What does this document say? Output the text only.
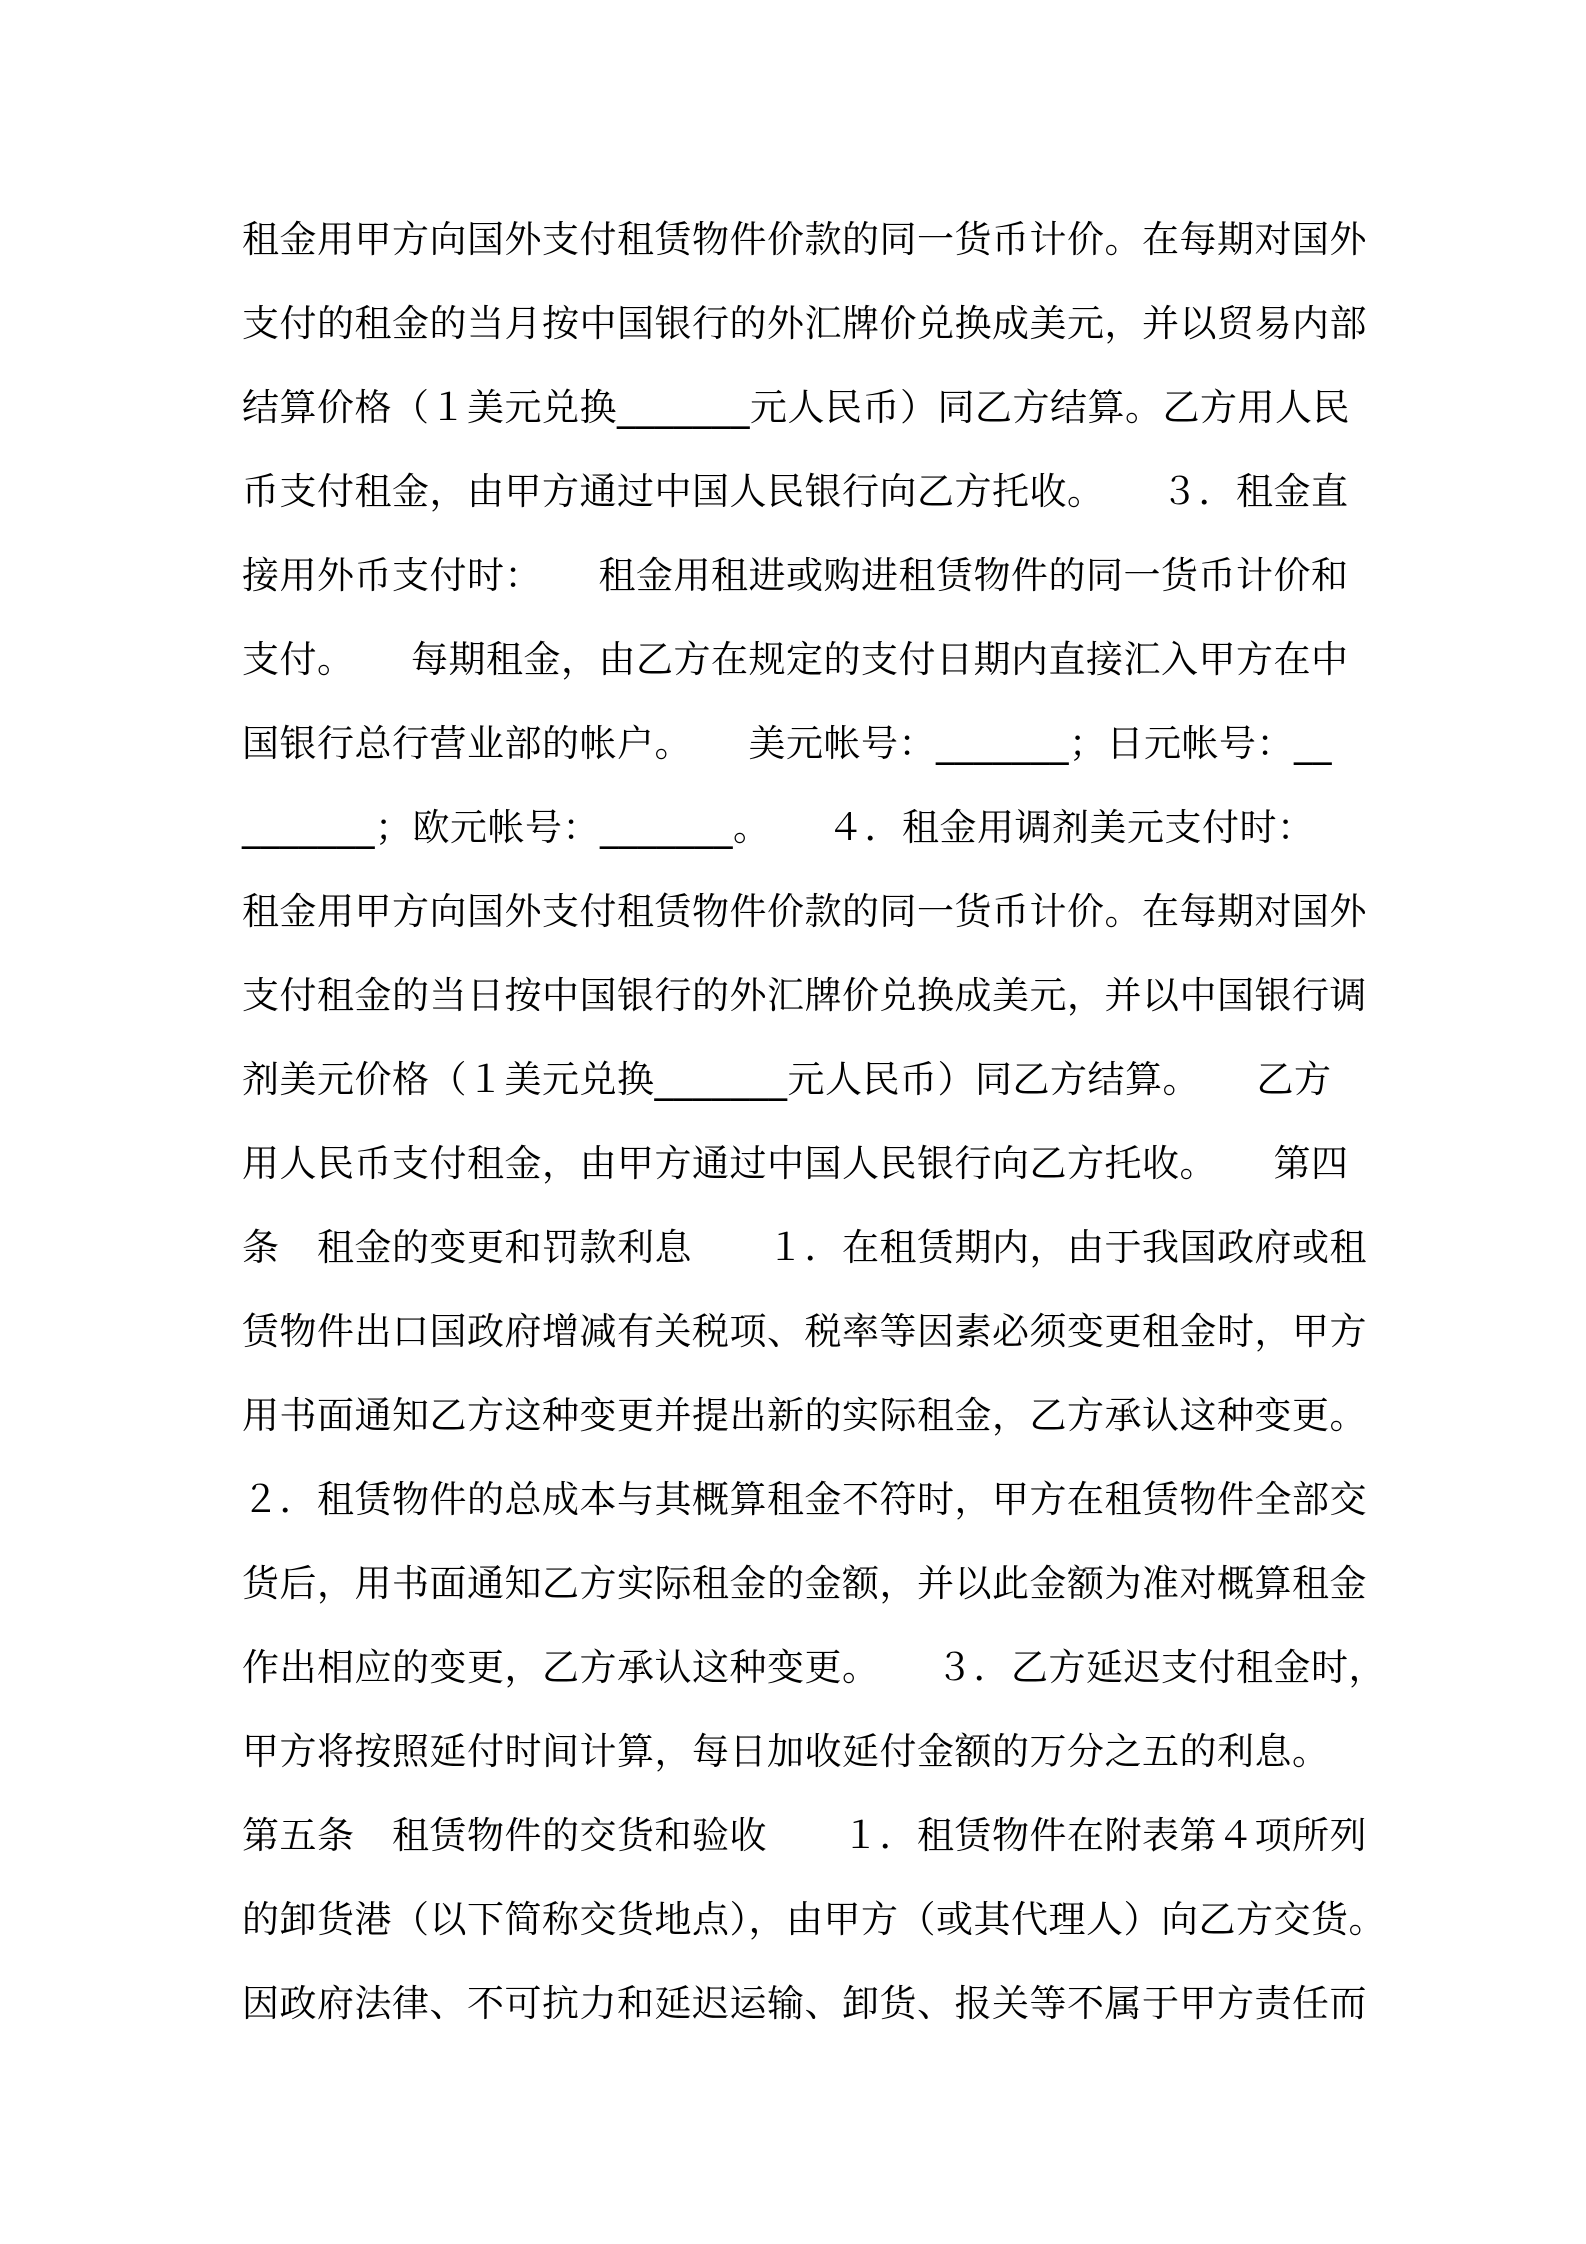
租金用甲方向国外支付租赁物件价款的同一货币计价。在每期对国外
支付的租金的当月按中国银行的外汇牌价兑换成美元，并以贸易内部
结算价格（１美元兑换_______元人民币）同乙方结算。乙方用人民
币支付租金，由甲方通过中国人民银行向乙方托收。　　３．租金直
接用外币支付时：　　租金用租进或购进租赁物件的同一货币计价和
支付。　　每期租金，由乙方在规定的支付日期内直接汇入甲方在中
国银行总行营业部的帐户。　　美元帐号：_______；日元帐号：__
_______；欧元帐号：_______。　　４．租金用调剂美元支付时：
租金用甲方向国外支付租赁物件价款的同一货币计价。在每期对国外
支付租金的当日按中国银行的外汇牌价兑换成美元，并以中国银行调
剂美元价格（１美元兑换_______元人民币）同乙方结算。　　乙方
用人民币支付租金，由甲方通过中国人民银行向乙方托收。　　第四
条　租金的变更和罚款利息　　１．在租赁期内，由于我国政府或租
赁物件出口国政府增减有关税项、税率等因素必须变更租金时，甲方
用书面通知乙方这种变更并提出新的实际租金，乙方承认这种变更。
２．租赁物件的总成本与其概算租金不符时，甲方在租赁物件全部交
货后，用书面通知乙方实际租金的金额，并以此金额为准对概算租金
作出相应的变更，乙方承认这种变更。　　３．乙方延迟支付租金时，
甲方将按照延付时间计算，每日加收延付金额的万分之五的利息。
第五条　租赁物件的交货和验收　　１．租赁物件在附表第４项所列
的卸货港（以下简称交货地点），由甲方（或其代理人）向乙方交货。
因政府法律、不可抗力和延迟运输、卸货、报关等不属于甲方责任而
